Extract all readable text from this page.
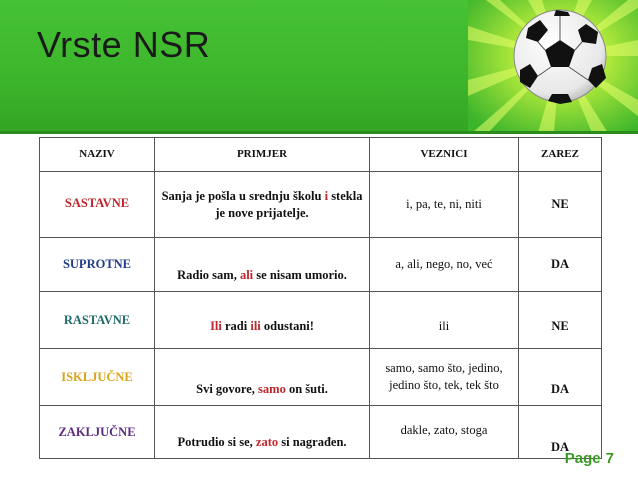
Vrste NSR
NAZIV	PRIMJER	VEZNICI	ZAREZ
SASTAVNE	Sanja je pošla u srednju školu i stekla je nove prijatelje.	i, pa, te, ni, niti	NE
SUPROTNE	Radio sam, ali se nisam umorio.	a, ali, nego, no, već	DA
RASTAVNE	Ili radi ili odustani!	ili	NE
ISKLJUČNE	Svi govore, samo on šuti.	samo, samo što, jedino, jedino što, tek, tek što	DA
ZAKLJUČNE	Potrudio si se, zato si nagrađen.	dakle, zato, stoga	DA
Page 7
